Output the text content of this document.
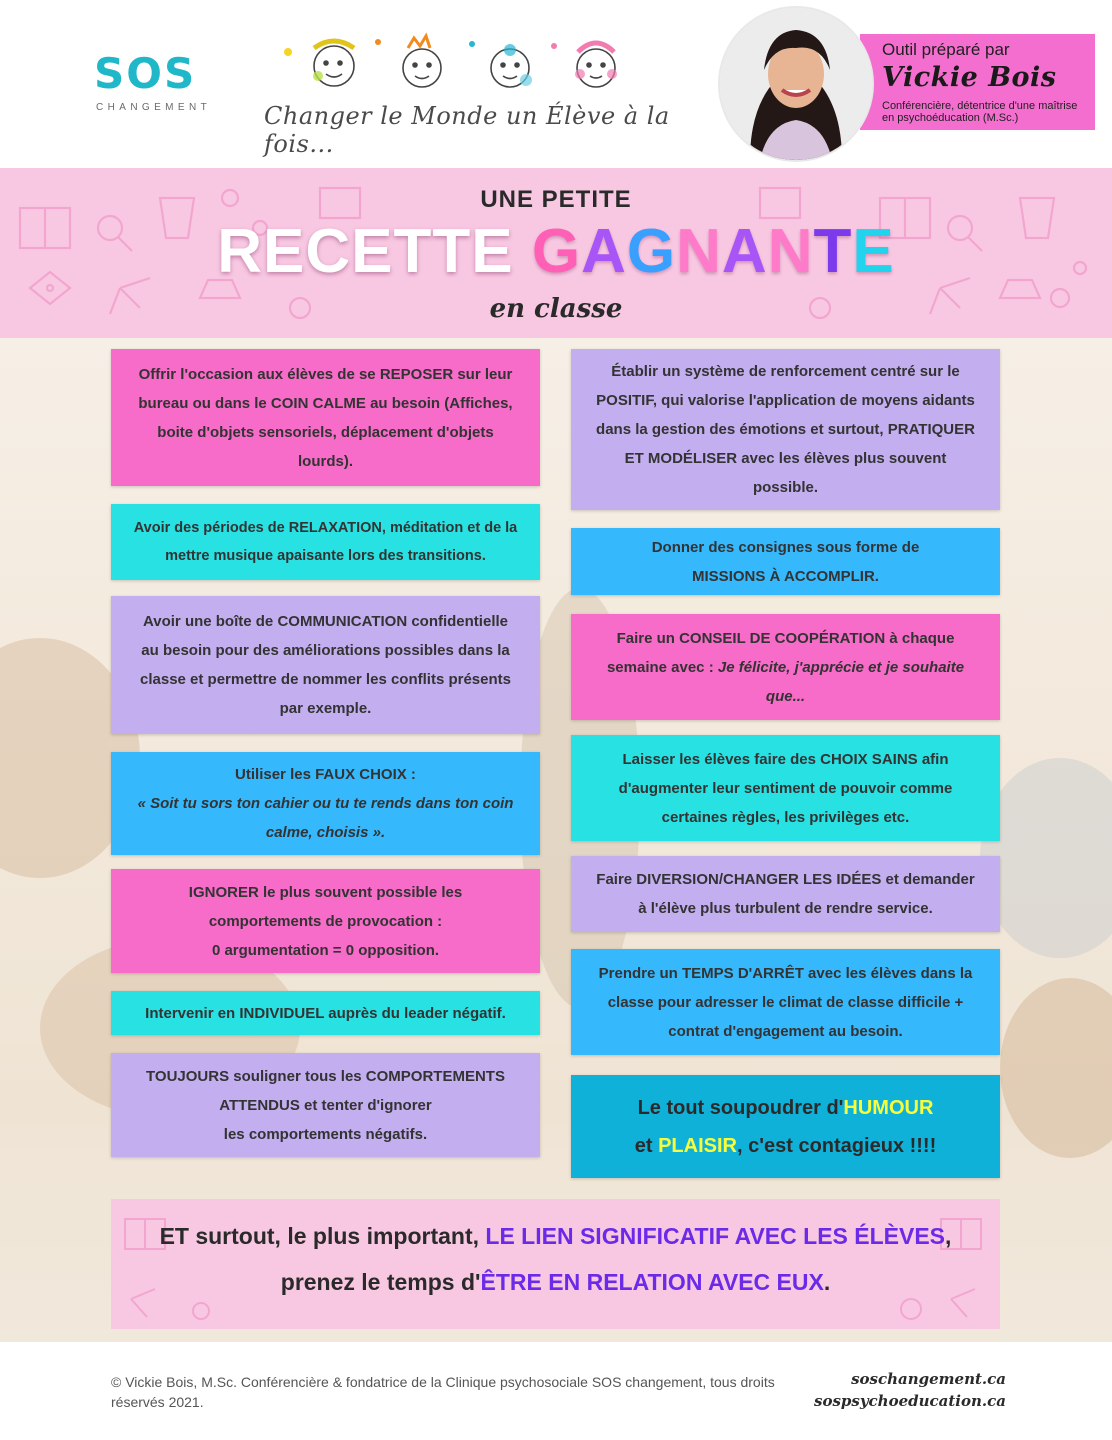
SOS
CHANGEMENT Changer le Monde un Élève à la fois...
Outil préparé par
Vickie Bois
Conférencière, détentrice d'une maîtrise en psychoéducation (M.Sc.)
UNE PETITE
RECETTE GAGNANTE
en classe
Offrir l'occasion aux élèves de se REPOSER sur leur bureau ou dans le COIN CALME au besoin (Affiches, boite d'objets sensoriels, déplacement d'objets lourds).
Avoir des périodes de RELAXATION, méditation et de la mettre musique apaisante lors des transitions.
Avoir une boîte de COMMUNICATION confidentielle au besoin pour des améliorations possibles dans la classe et permettre de nommer les conflits présents par exemple.
Utiliser les FAUX CHOIX :
« Soit tu sors ton cahier ou tu te rends dans ton coin calme, choisis ».
IGNORER le plus souvent possible les comportements de provocation :
0 argumentation = 0 opposition.
Intervenir en INDIVIDUEL auprès du leader négatif.
TOUJOURS souligner tous les COMPORTEMENTS ATTENDUS et tenter d'ignorer
les comportements négatifs.
Établir un système de renforcement centré sur le POSITIF, qui valorise l'application de moyens aidants dans la gestion des émotions et surtout, PRATIQUER ET MODÉLISER avec les élèves plus souvent possible.
Donner des consignes sous forme de
MISSIONS À ACCOMPLIR.
Faire un CONSEIL DE COOPÉRATION à chaque semaine avec : Je félicite, j'apprécie et je souhaite que...
Laisser les élèves faire des CHOIX SAINS afin d'augmenter leur sentiment de pouvoir comme certaines règles, les privilèges etc.
Faire DIVERSION/CHANGER LES IDÉES et demander à l'élève plus turbulent de rendre service.
Prendre un TEMPS D'ARRÊT avec les élèves dans la classe pour adresser le climat de classe difficile + contrat d'engagement au besoin.
Le tout soupoudrer d'HUMOUR
et PLAISIR, c'est contagieux !!!!
ET surtout, le plus important, LE LIEN SIGNIFICATIF AVEC LES ÉLÈVES,
prenez le temps d'ÊTRE EN RELATION AVEC EUX.
© Vickie Bois, M.Sc. Conférencière & fondatrice de la Clinique psychosociale SOS changement, tous droits réservés 2021.
soschangement.ca
sospsychoeducation.ca
